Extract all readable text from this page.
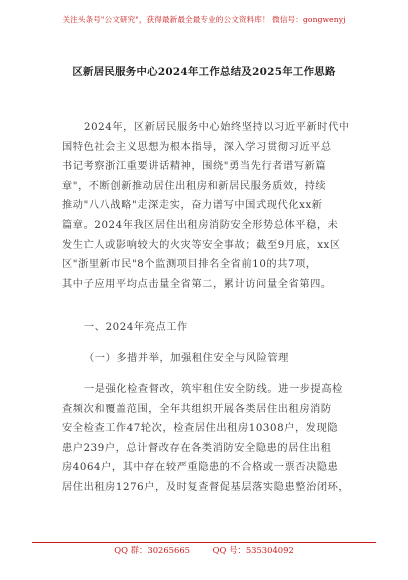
关注头条号"公文研究"，获得最新最全最专业的公文资料库！ 微信号：gongwenyj
区新居民服务中心2024年工作总结及2025年工作思路
2024年，区新居民服务中心始终坚持以习近平新时代中
国特色社会主义思想为根本指导，深入学习贯彻习近平总
书记考察浙江重要讲话精神，围绕"勇当先行者谱写新篇
章"，不断创新推动居住出租房和新居民服务质效，持续
推动"八八战略"走深走实，奋力谱写中国式现代化xx新
篇章。2024年我区居住出租房消防安全形势总体平稳，未
发生亡人或影响较大的火灾等安全事故；截至9月底，xx区
区"浙里新市民"8个监测项目排名全省前10的共7项，
其中子应用平均点击量全省第二，累计访问量全省第四。
一、2024年亮点工作
（一）多措并举，加强租住安全与风险管理
一是强化检查督改，筑牢租住安全防线。进一步提高检
查频次和覆盖范围，全年共组织开展各类居住出租房消防
安全检查工作47轮次，检查居住出租房10308户，发现隐
患户239户，总计督改存在各类消防安全隐患的居住出租
房4064户，其中存在较严重隐患的不合格或一票否决隐患
居住出租房1276户，及时复查督促基层落实隐患整治闭环，
QQ 群：30265665	QQ 号：535304092
